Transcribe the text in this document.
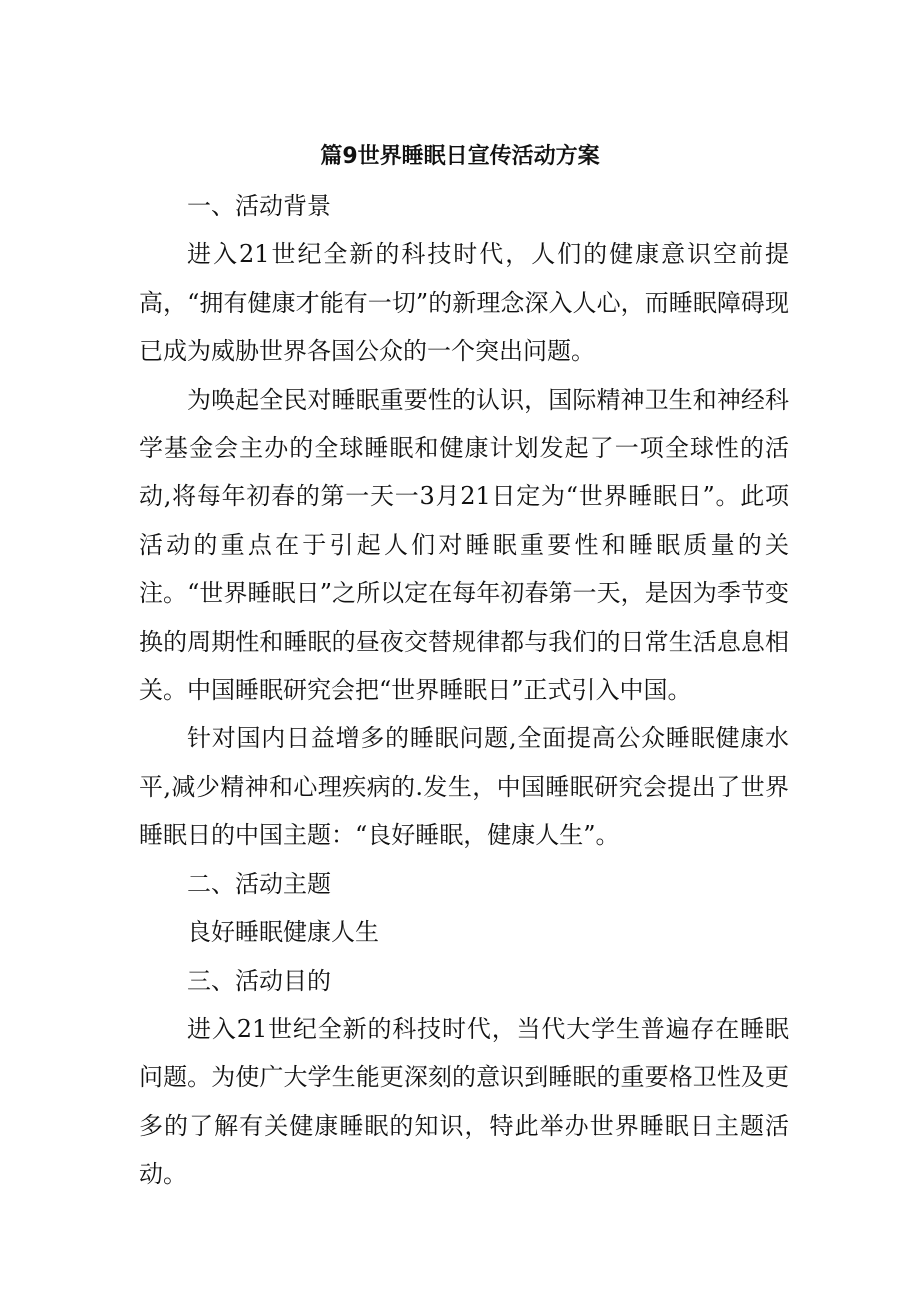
篇9世界睡眠日宣传活动方案

一、活动背景

进入21世纪全新的科技时代，人们的健康意识空前提高，“拥有健康才能有一切”的新理念深入人心，而睡眠障碍现已成为威胁世界各国公众的一个突出问题。

为唤起全民对睡眠重要性的认识，国际精神卫生和神经科学基金会主办的全球睡眠和健康计划发起了一项全球性的活动,将每年初春的第一天一3月21日定为“世界睡眠日”。此项活动的重点在于引起人们对睡眠重要性和睡眠质量的关注。“世界睡眠日”之所以定在每年初春第一天，是因为季节变换的周期性和睡眠的昼夜交替规律都与我们的日常生活息息相关。中国睡眠研究会把“世界睡眠日”正式引入中国。

针对国内日益增多的睡眠问题,全面提高公众睡眠健康水平,减少精神和心理疾病的.发生，中国睡眠研究会提出了世界睡眠日的中国主题：“良好睡眠，健康人生”。

二、活动主题

良好睡眠健康人生

三、活动目的

进入21世纪全新的科技时代，当代大学生普遍存在睡眠问题。为使广大学生能更深刻的意识到睡眠的重要格卫性及更多的了解有关健康睡眠的知识，特此举办世界睡眠日主题活动。
